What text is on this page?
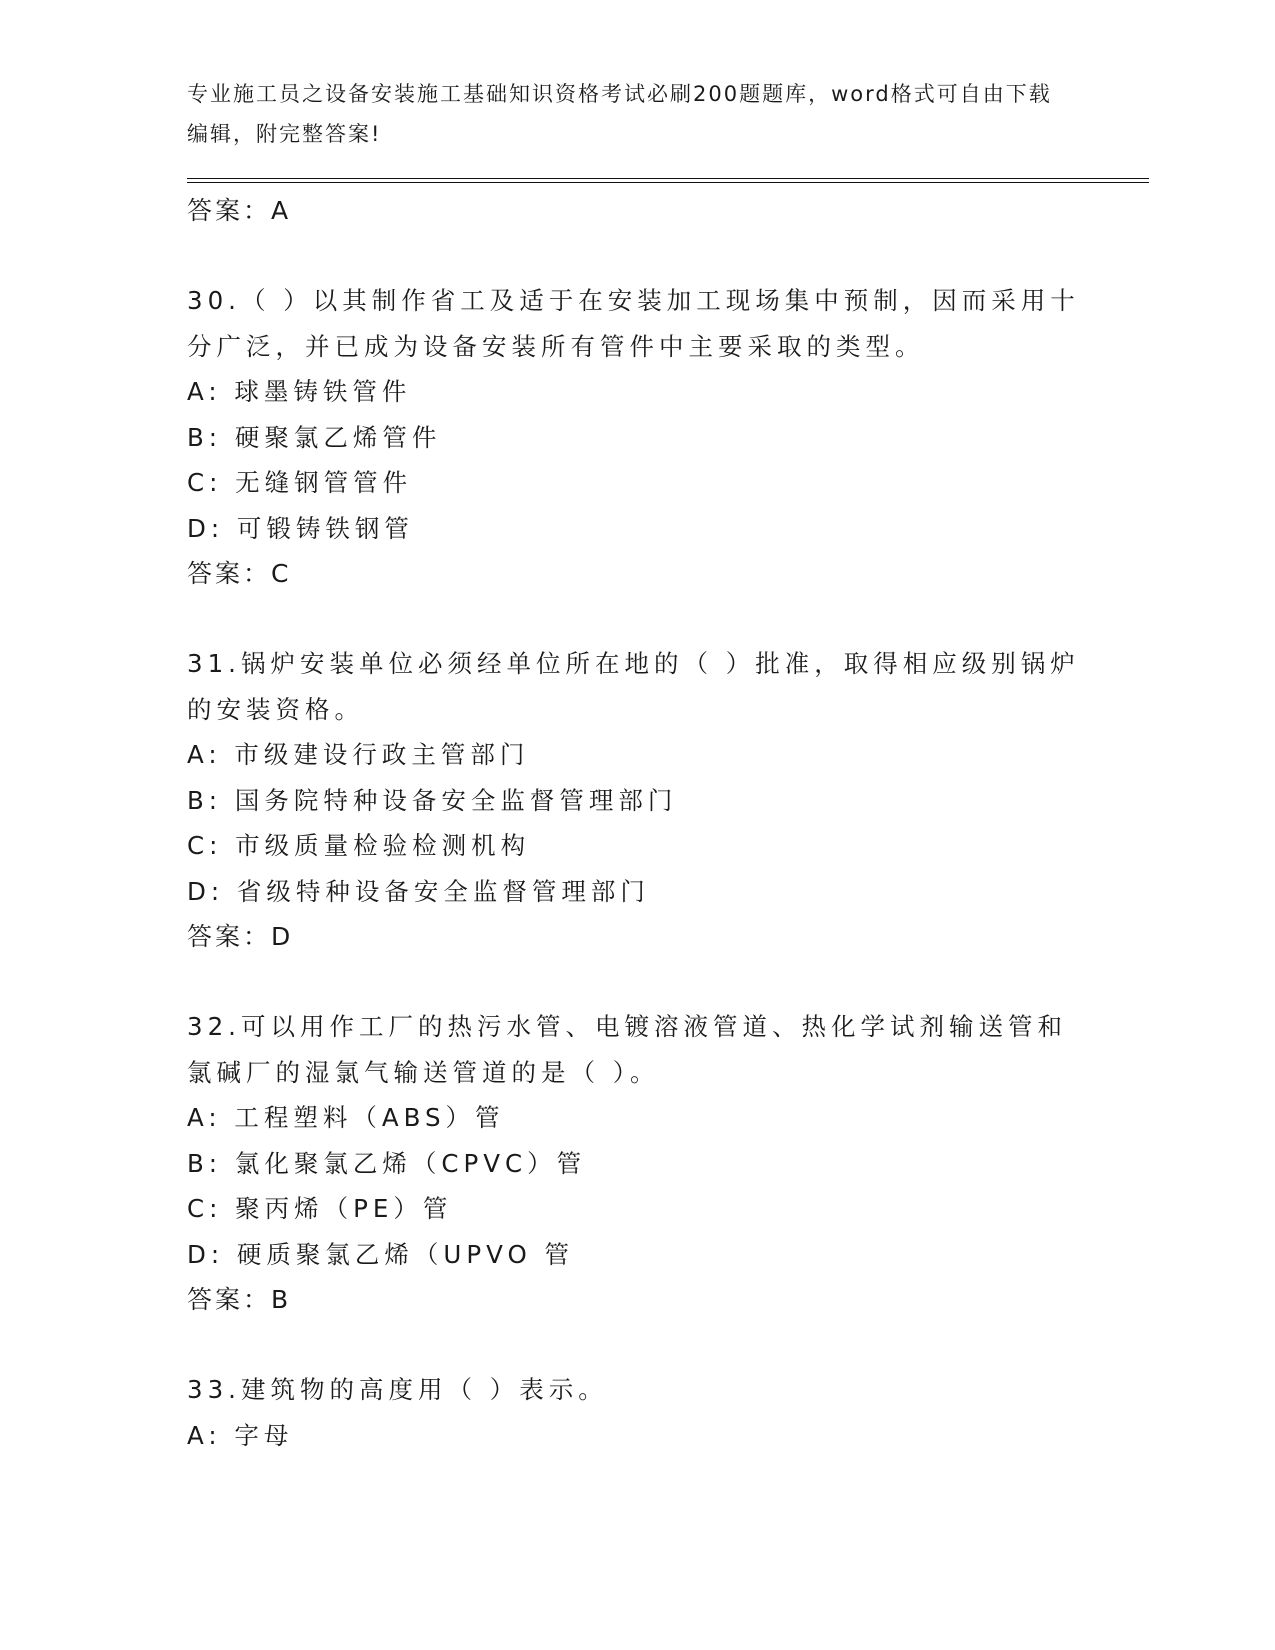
专业施工员之设备安装施工基础知识资格考试必刷200题题库，word格式可自由下载编辑，附完整答案!
答案：A
30.（ ）以其制作省工及适于在安装加工现场集中预制，因而采用十分广泛，并已成为设备安装所有管件中主要采取的类型。
A: 球墨铸铁管件
B: 硬聚氯乙烯管件
C: 无缝钢管管件
D: 可锻铸铁钢管
答案：C
31.锅炉安装单位必须经单位所在地的（ ）批准，取得相应级别锅炉的安装资格。
A: 市级建设行政主管部门
B: 国务院特种设备安全监督管理部门
C: 市级质量检验检测机构
D: 省级特种设备安全监督管理部门
答案：D
32.可以用作工厂的热污水管、电镀溶液管道、热化学试剂输送管和氯碱厂的湿氯气输送管道的是（ ）。
A: 工程塑料（ABS）管
B: 氯化聚氯乙烯（CPVC）管
C: 聚丙烯（PE）管
D: 硬质聚氯乙烯（UPVO 管
答案：B
33.建筑物的高度用（ ）表示。
A: 字母
